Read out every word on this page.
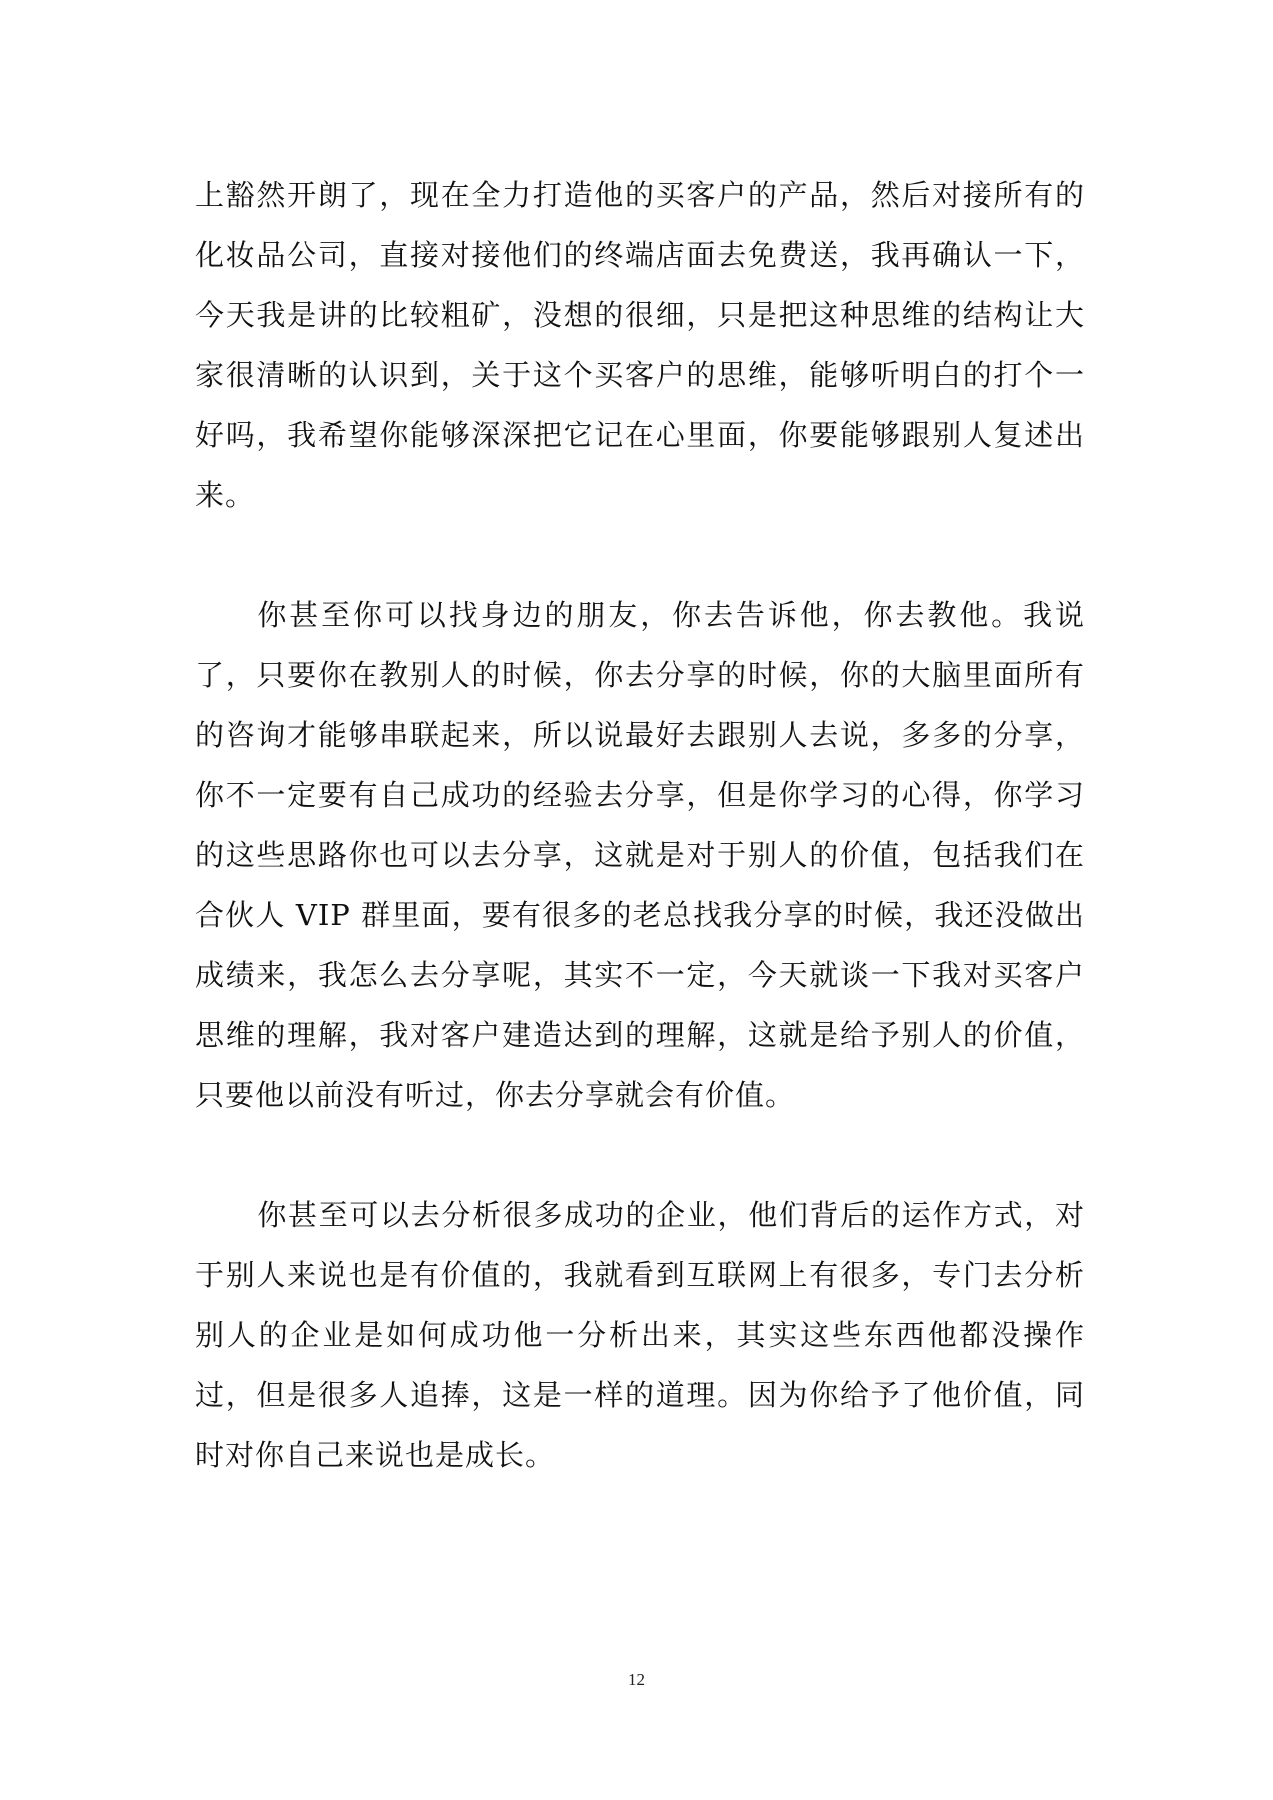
上豁然开朗了，现在全力打造他的买客户的产品，然后对接所有的化妆品公司，直接对接他们的终端店面去免费送，我再确认一下，今天我是讲的比较粗矿，没想的很细，只是把这种思维的结构让大家很清晰的认识到，关于这个买客户的思维，能够听明白的打个一好吗，我希望你能够深深把它记在心里面，你要能够跟别人复述出来。

你甚至你可以找身边的朋友，你去告诉他，你去教他。我说了，只要你在教别人的时候，你去分享的时候，你的大脑里面所有的咨询才能够串联起来，所以说最好去跟别人去说，多多的分享，你不一定要有自己成功的经验去分享，但是你学习的心得，你学习的这些思路你也可以去分享，这就是对于别人的价值，包括我们在合伙人 VIP 群里面，要有很多的老总找我分享的时候，我还没做出成绩来，我怎么去分享呢，其实不一定，今天就谈一下我对买客户思维的理解，我对客户建造达到的理解，这就是给予别人的价值，只要他以前没有听过，你去分享就会有价值。

你甚至可以去分析很多成功的企业，他们背后的运作方式，对于别人来说也是有价值的，我就看到互联网上有很多，专门去分析别人的企业是如何成功他一分析出来，其实这些东西他都没操作过，但是很多人追捧，这是一样的道理。因为你给予了他价值，同时对你自己来说也是成长。

12
